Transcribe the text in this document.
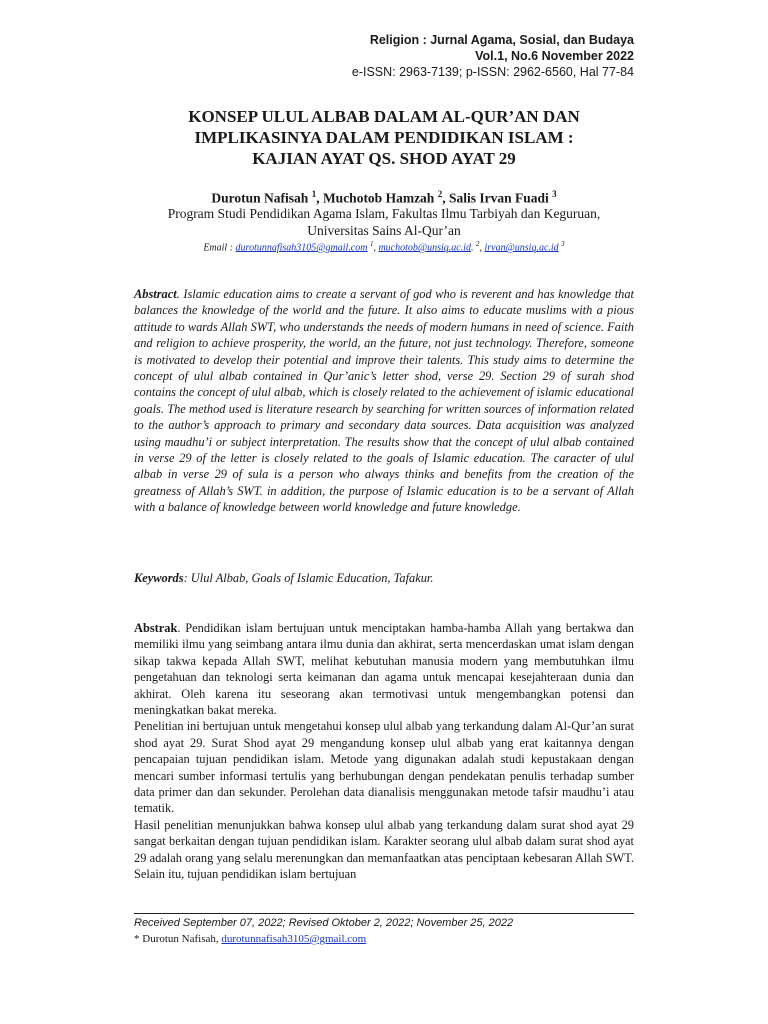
Religion : Jurnal Agama, Sosial, dan Budaya
Vol.1, No.6 November 2022
e-ISSN: 2963-7139; p-ISSN: 2962-6560, Hal 77-84
KONSEP ULUL ALBAB DALAM AL-QUR’AN DAN
IMPLIKASINYA DALAM PENDIDIKAN ISLAM :
KAJIAN AYAT QS. SHOD AYAT 29
Durotun Nafisah $^1$, Muchotob Hamzah $^2$, Salis Irvan Fuadi $^3$
Program Studi Pendidikan Agama Islam, Fakultas Ilmu Tarbiyah dan Keguruan,
Universitas Sains Al-Qur’an
Email : durotunnafisah3105@gmail.com $^1$, muchotob@unsiq.ac.id. $^2$, irvan@unsiq.ac.id $^3$
Abstract. Islamic education aims to create a servant of god who is reverent and has knowledge that balances the knowledge of the world and the future. It also aims to educate muslims with a pious attitude to wards Allah SWT, who understands the needs of modern humans in need of science. Faith and religion to achieve prosperity, the world, an the future, not just technology. Therefore, someone is motivated to develop their potential and improve their talents. This study aims to determine the concept of ulul albab contained in Qur’anic’s letter shod, verse 29. Section 29 of surah shod contains the concept of ulul albab, which is closely related to the achievement of islamic educational goals. The method used is literature research by searching for written sources of information related to the author’s approach to primary and secondary data sources. Data acquisition was analyzed using maudhu’i or subject interpretation. The results show that the concept of ulul albab contained in verse 29 of the letter is closely related to the goals of Islamic education. The caracter of ulul albab in verse 29 of sula is a person who always thinks and benefits from the creation of the greatness of Allah’s SWT. in addition, the purpose of Islamic education is to be a servant of Allah with a balance of knowledge between world knowledge and future knowledge.
Keywords: Ulul Albab, Goals of Islamic Education, Tafakur.

Abstrak. Pendidikan islam bertujuan untuk menciptakan hamba-hamba Allah yang bertakwa dan memiliki ilmu yang seimbang antara ilmu dunia dan akhirat, serta mencerdaskan umat islam dengan sikap takwa kepada Allah SWT, melihat kebutuhan manusia modern yang membutuhkan ilmu pengetahuan dan teknologi serta keimanan dan agama untuk mencapai kesejahteraan dunia dan akhirat. Oleh karena itu seseorang akan termotivasi untuk mengembangkan potensi dan meningkatkan bakat mereka.

Penelitian ini bertujuan untuk mengetahui konsep ulul albab yang terkandung dalam Al-Qur’an surat shod ayat 29. Surat Shod ayat 29 mengandung konsep ulul albab yang erat kaitannya dengan pencapaian tujuan pendidikan islam. Metode yang digunakan adalah studi kepustakaan dengan mencari sumber informasi tertulis yang berhubungan dengan pendekatan penulis terhadap sumber data primer dan dan sekunder. Perolehan data dianalisis menggunakan metode tafsir maudhu’i atau tematik.

Hasil penelitian menunjukkan bahwa konsep ulul albab yang terkandung dalam surat shod ayat 29 sangat berkaitan dengan tujuan pendidikan islam. Karakter seorang ulul albab dalam surat shod ayat 29 adalah orang yang selalu merenungkan dan memanfaatkan atas penciptaan kebesaran Allah SWT. Selain itu, tujuan pendidikan islam bertujuan

Received September 07, 2022; Revised Oktober 2, 2022; November 25, 2022
* Durotun Nafisah, durotunnafisah3105@gmail.com
